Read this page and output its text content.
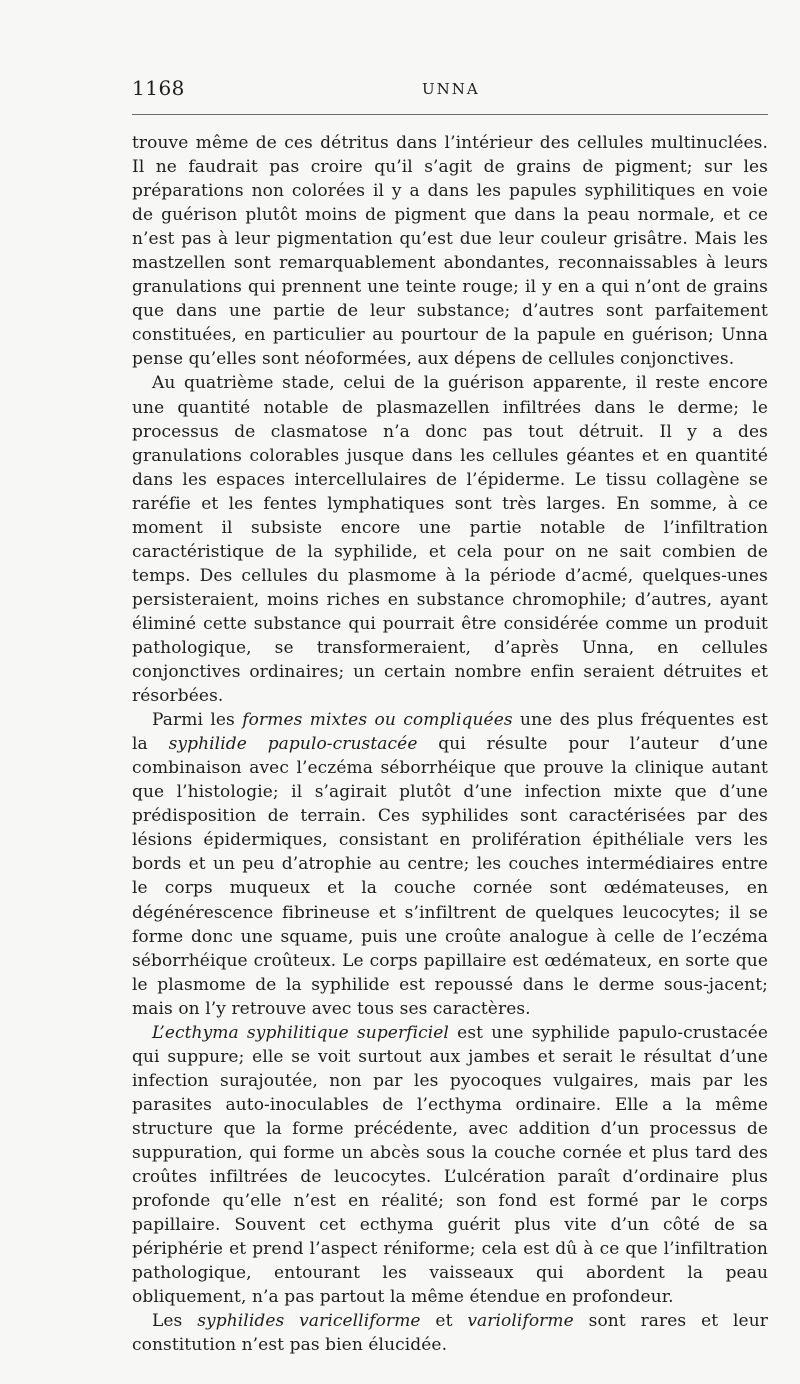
1168	UNNA

trouve même de ces détritus dans l’intérieur des cellules multinuclées. Il ne faudrait pas croire qu’il s’agit de grains de pigment; sur les préparations non colorées il y a dans les papules syphilitiques en voie de guérison plutôt moins de pigment que dans la peau normale, et ce n’est pas à leur pigmentation qu’est due leur couleur grisâtre. Mais les mastzellen sont remarquablement abondantes, reconnaissables à leurs granulations qui prennent une teinte rouge; il y en a qui n’ont de grains que dans une partie de leur substance; d’autres sont parfaitement constituées, en particulier au pourtour de la papule en guérison; Unna pense qu’elles sont néoformées, aux dépens de cellules conjonctives.

Au quatrième stade, celui de la guérison apparente, il reste encore une quantité notable de plasmazellen infiltrées dans le derme; le processus de clasmatose n’a donc pas tout détruit. Il y a des granulations colorables jusque dans les cellules géantes et en quantité dans les espaces intercellulaires de l’épiderme. Le tissu collagène se raréfie et les fentes lymphatiques sont très larges. En somme, à ce moment il subsiste encore une partie notable de l’infiltration caractéristique de la syphilide, et cela pour on ne sait combien de temps. Des cellules du plasmome à la période d’acmé, quelques-unes persisteraient, moins riches en substance chromophile; d’autres, ayant éliminé cette substance qui pourrait être considérée comme un produit pathologique, se transformeraient, d’après Unna, en cellules conjonctives ordinaires; un certain nombre enfin seraient détruites et résorbées.

Parmi les formes mixtes ou compliquées une des plus fréquentes est la syphilide papulo-crustacée qui résulte pour l’auteur d’une combinaison avec l’eczéma séborrhéique que prouve la clinique autant que l’histologie; il s’agirait plutôt d’une infection mixte que d’une prédisposition de terrain. Ces syphilides sont caractérisées par des lésions épidermiques, consistant en prolifération épithéliale vers les bords et un peu d’atrophie au centre; les couches intermédiaires entre le corps muqueux et la couche cornée sont œdémateuses, en dégénérescence fibrineuse et s’infiltrent de quelques leucocytes; il se forme donc une squame, puis une croûte analogue à celle de l’eczéma séborrhéique croûteux. Le corps papillaire est œdémateux, en sorte que le plasmome de la syphilide est repoussé dans le derme sous-jacent; mais on l’y retrouve avec tous ses caractères.

L’ecthyma syphilitique superficiel est une syphilide papulo-crustacée qui suppure; elle se voit surtout aux jambes et serait le résultat d’une infection surajoutée, non par les pyocoques vulgaires, mais par les parasites auto-inoculables de l’ecthyma ordinaire. Elle a la même structure que la forme précédente, avec addition d’un processus de suppuration, qui forme un abcès sous la couche cornée et plus tard des croûtes infiltrées de leucocytes. L’ulcération paraît d’ordinaire plus profonde qu’elle n’est en réalité; son fond est formé par le corps papillaire. Souvent cet ecthyma guérit plus vite d’un côté de sa périphérie et prend l’aspect réniforme; cela est dû à ce que l’infiltration pathologique, entourant les vaisseaux qui abordent la peau obliquement, n’a pas partout la même étendue en profondeur.

Les syphilides varicelliforme et varioliforme sont rares et leur constitution n’est pas bien élucidée.
